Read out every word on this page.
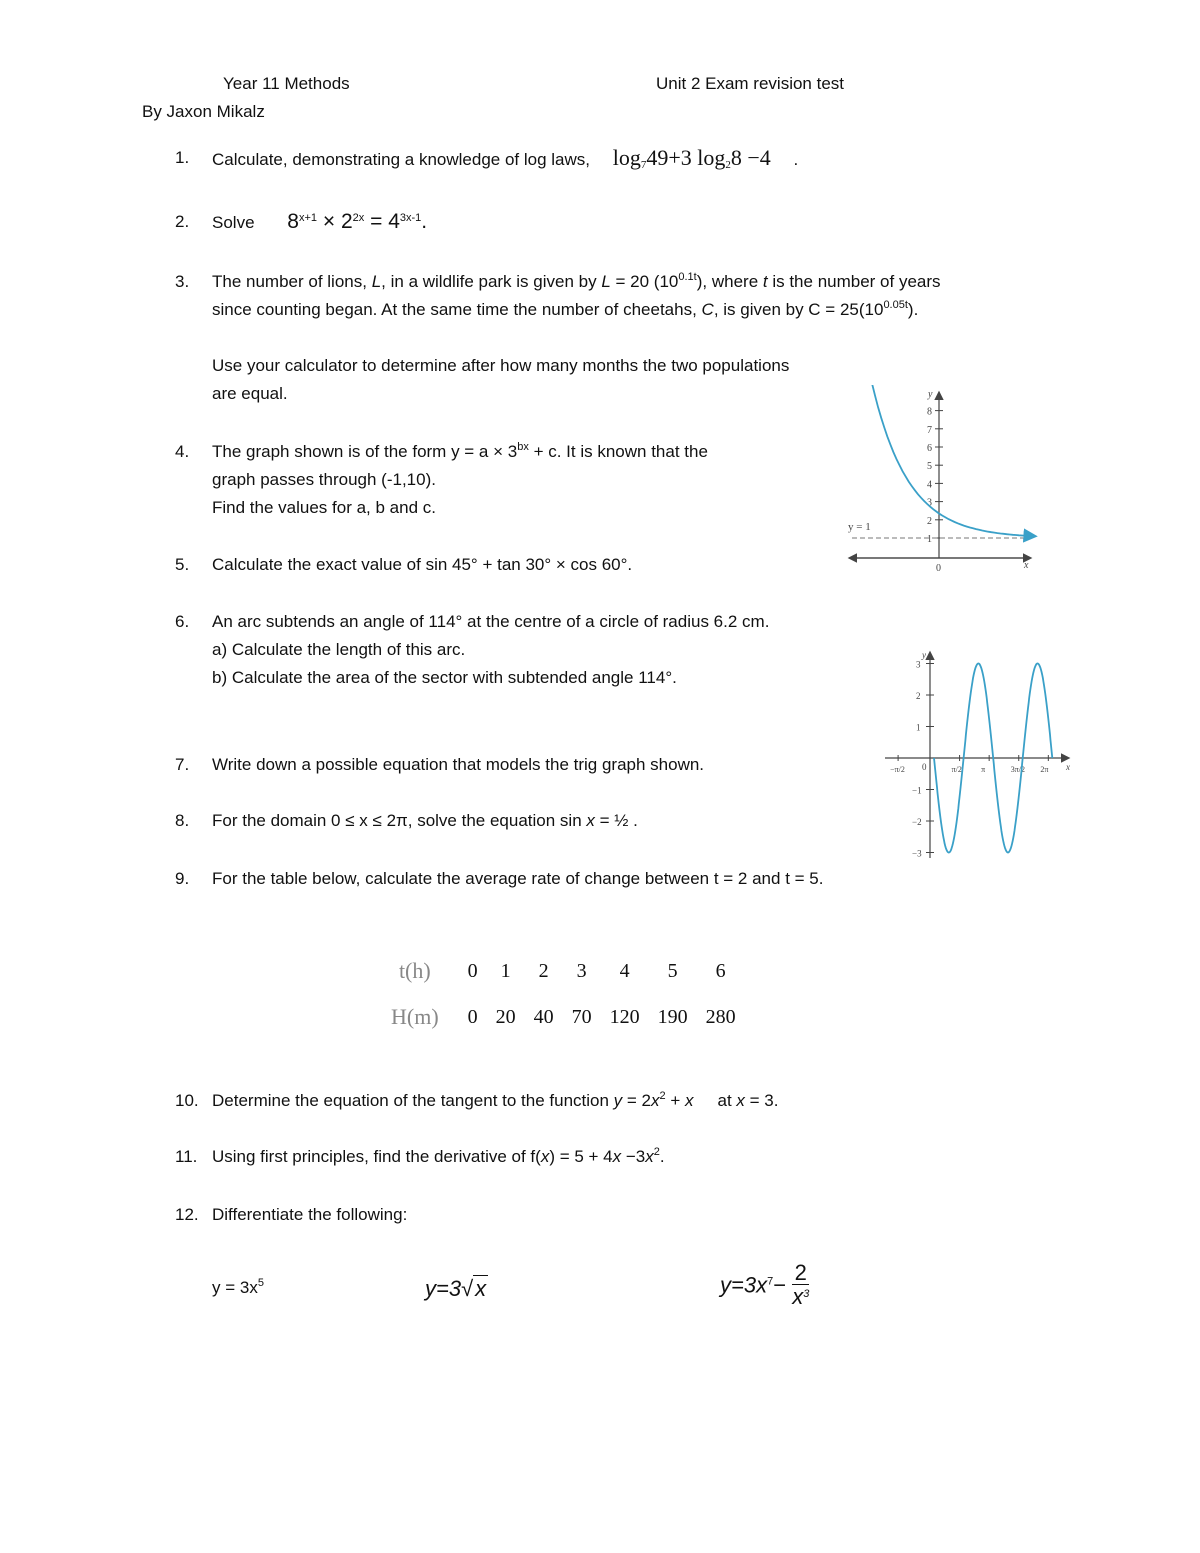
Year 11 Methods	Unit 2 Exam revision test
By Jaxon Mikalz
1. Calculate, demonstrating a knowledge of log laws, $\log_749+3$ $\log_28 -4$ .
2. Solve $8^{x+1} \times 2^{2x} = 4^{3x-1}$.
3. The number of lions, L, in a wildlife park is given by L = 20 $(10^{0.1t})$, where t is the number of years
since counting began. At the same time the number of cheetahs, C, is given by $C = 25(10^{0.05t})$.
Use your calculator to determine after how many months the two populations are equal.
4. The graph shown is of the form $y = a \times 3^{bx} + c$. It is known that the
graph passes through (-1,10).
Find the values for a, b and c.
5. Calculate the exact value of sin 45° + tan 30° × cos 60°.
6. An arc subtends an angle of 114° at the centre of a circle of radius 6.2 cm.
a) Calculate the length of this arc.
b) Calculate the area of the sector with subtended angle 114°.
7. Write down a possible equation that models the trig graph shown.
8. For the domain 0 ≤ x ≤ 2π, solve the equation sin x = ½ .
9. For the table below, calculate the average rate of change between t = 2 and t = 5.
t(h)	0	1	2	3	4	5	6
H(m)	0	20	40	70	120	190	280
10. Determine the equation of the tangent to the function $y = 2x^2 + x$ at x = 3.
11. Using first principles, find the derivative of $f(x) = 5 + 4x -3x^2$.
12. Differentiate the following:
$y = 3x^5$	y=3√x	$y=3x^7- \frac{2}{x^3}$
1
2
3
4
5
6
7
8
y = 1
y
x
0
1
2
3
−1
−2
−3
−π/2	π/2 π	3π/2 2π
y
x
0
